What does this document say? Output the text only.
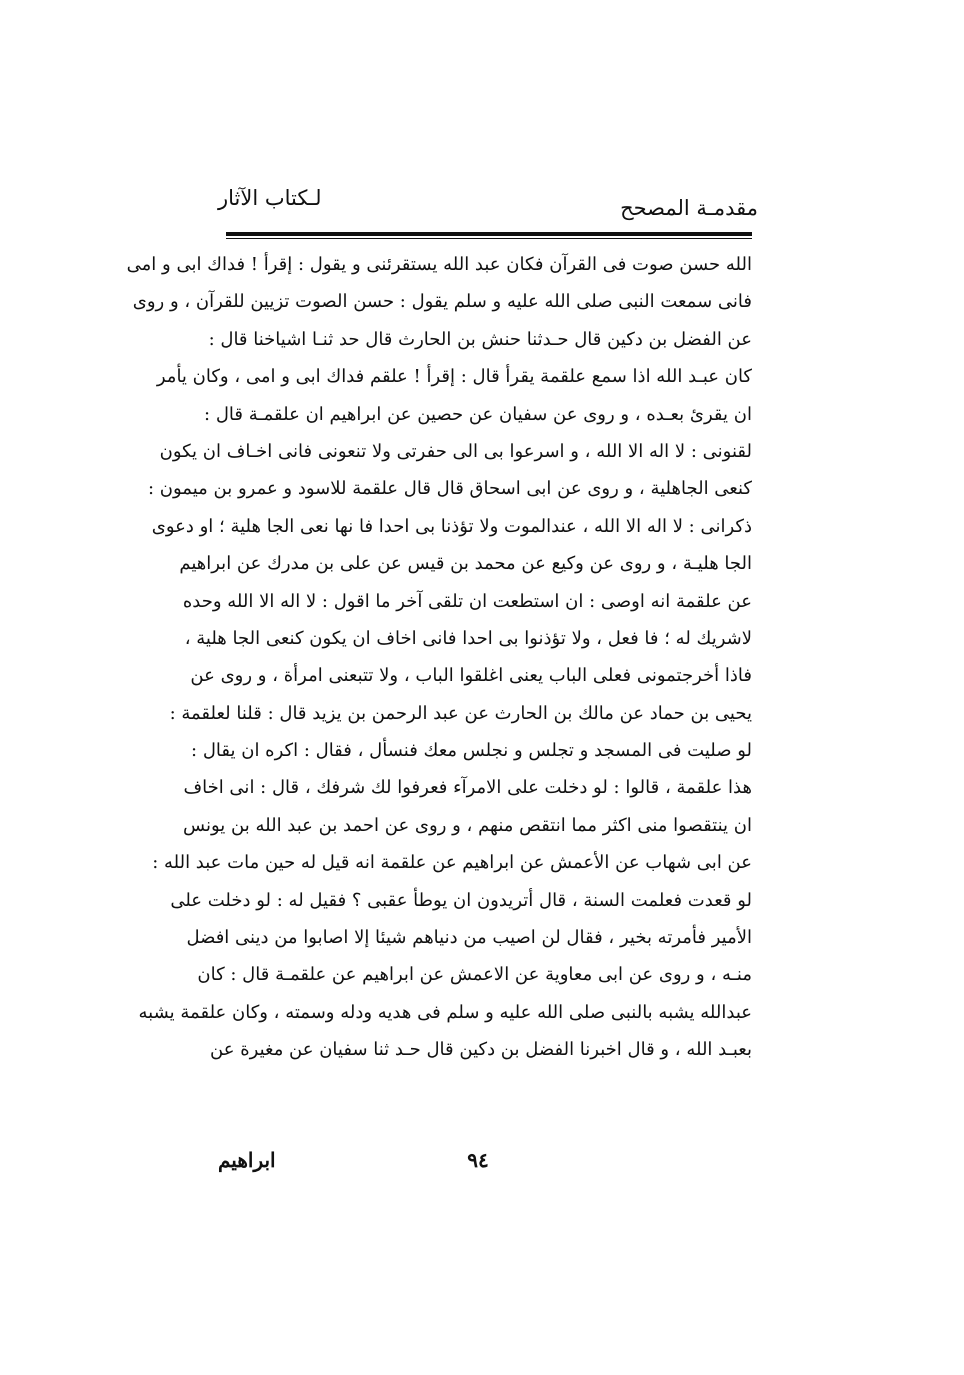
مقدمـة المصحح
لـكتاب الآثار
الله حسن صوت فى القرآن فكان عبد الله يستقرئنى و يقول : إقرأ ! فداك ابى و امى
فانى سمعت النبى صلى الله عليه و سلم يقول : حسن الصوت تزيين للقرآن ، و روى
عن الفضل بن دكين قال حـدثنا حنش بن الحارث قال حد ثنـا اشياخنا قال :
كان عبـد الله اذا سمع علقمة يقرأ قال : إقرأ ! علقم فداك ابى و امى ، وكان يأمر
ان يقرئ بعـده ، و روى عن سفيان عن حصين عن ابراهيم ان علقمـة قال :
لقنونى : لا اله الا الله ، و اسرعوا بى الى حفرتى ولا تنعونى فانى اخـاف ان يكون
كنعى الجاهلية ، و روى عن ابى اسحاق قال قال علقمة للاسود و عمرو بن ميمون :
ذكرانى : لا اله الا الله ، عندالموت ولا تؤذنا بى احدا فا نها نعى الجا هلية ؛ او دعوى
الجا هليـة ، و روى عن وكيع عن محمد بن قيس عن على بن مدرك عن ابراهيم
عن علقمة انه اوصى : ان استطعت ان تلقى آخر ما اقول : لا اله الا الله وحده
لاشريك له ؛ فا فعل ، ولا تؤذنوا بى احدا فانى اخاف ان يكون كنعى الجا هلية ،
فاذا أخرجتمونى فعلى الباب يعنى اغلقوا الباب ، ولا تتبعنى امرأة ، و روى عن
يحيى بن حماد عن مالك بن الحارث عن عبد الرحمن بن يزيد قال : قلنا لعلقمة :
لو صليت فى المسجد و تجلس و نجلس معك فنسأل ، فقال : اكره ان يقال :
هذا علقمة ، قالوا : لو دخلت على الامرآء فعرفوا لك شرفك ، قال : انى اخاف
ان ينتقصوا منى اكثر مما انتقص منهم ، و روى عن احمد بن عبد الله بن يونس
عن ابى شهاب عن الأعمش عن ابراهيم عن علقمة انه قيل له حين مات عبد الله :
لو قعدت فعلمت السنة ، قال أتريدون ان يوطأ عقبى ؟ فقيل له : لو دخلت على
الأمير فأمرته بخير ، فقال لن اصيب من دنياهم شيئا إلا اصابوا من دينى افضل
منـه ، و روى عن ابى معاوية عن الاعمش عن ابراهيم عن علقمـة قال : كان
عبدالله يشبه بالنبى صلى الله عليه و سلم فى هديه ودله وسمته ، وكان علقمة يشبه
بعبـد الله ، و قال اخبرنا الفضل بن دكين قال حـد ثنا سفيان عن مغيرة عن
٩٤
ابراهيم
